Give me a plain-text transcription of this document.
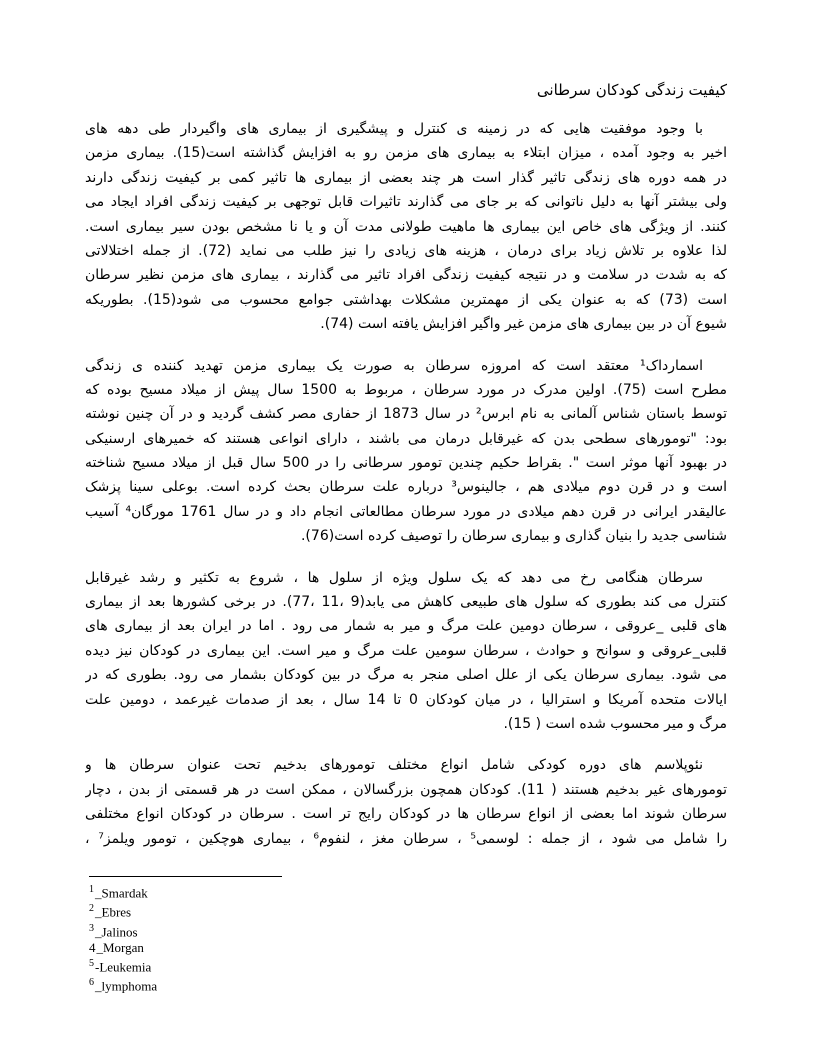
کیفیت زندگی کودکان سرطانی
با وجود موفقیت هایی که در زمینه ی کنترل و پیشگیری از بیماری های واگیردار طی دهه های
اخیر به وجود آمده ، میزان ابتلاء به بیماری های مزمن رو به افزایش گذاشته است(15). بیماری مزمن
در همه دوره های زندگی تاثیر گذار است هر چند بعضی از بیماری ها تاثیر کمی بر کیفیت زندگی دارند
ولی بیشتر آنها به دلیل ناتوانی که بر جای می گذارند تاثیرات قابل توجهی بر کیفیت زندگی افراد ایجاد می
کنند. از ویژگی های خاص این بیماری ها ماهیت طولانی مدت آن و یا نا مشخص بودن سیر بیماری است.
لذا علاوه بر تلاش زیاد برای درمان ، هزینه های زیادی را نیز طلب می نماید (72). از جمله اختلالاتی
که به شدت در سلامت و در نتیجه کیفیت زندگی افراد تاثیر می گذارند ، بیماری های مزمن نظیر سرطان
است (73) که به عنوان یکی از مهمترین مشکلات بهداشتی جوامع محسوب می شود(15). بطوریکه
شیوع آن در بین بیماری های مزمن غیر واگیر افزایش یافته است (74).
اسمارداک¹ معتقد است که امروزه سرطان به صورت یک بیماری مزمن تهدید کننده ی زندگی
مطرح است (75). اولین مدرک در مورد سرطان ، مربوط به 1500 سال پیش از میلاد مسیح بوده که
توسط باستان شناس آلمانی به نام ابرس² در سال 1873 از حفاری مصر کشف گردید و در آن چنین نوشته
بود: "تومورهای سطحی بدن که غیرقابل درمان می باشند ، دارای انواعی هستند که خمیرهای ارسنیکی
در بهبود آنها موثر است ". بقراط حکیم چندین تومور سرطانی را در 500 سال قبل از میلاد مسیح شناخته
است و در قرن دوم میلادی هم ، جالینوس³ درباره علت سرطان بحث کرده است. بوعلی سینا پزشک
عالیقدر ایرانی در قرن دهم میلادی در مورد سرطان مطالعاتی انجام داد و در سال 1761 مورگان⁴ آسیب
شناسی جدید را بنیان گذاری و بیماری سرطان را توصیف کرده است(76).
سرطان هنگامی رخ می دهد که یک سلول ویژه از سلول ها ، شروع به تکثیر و رشد غیرقابل
کنترل می کند بطوری که سلول های طبیعی کاهش می یابد⁦(77، 11، 9)⁩. در برخی کشورها بعد از بیماری
های قلبی _عروقی ، سرطان دومین علت مرگ و میر به شمار می رود . اما در ایران بعد از بیماری های
قلبی_عروقی و سوانح و حوادث ، سرطان سومین علت مرگ و میر است. این بیماری در کودکان نیز دیده
می شود. بیماری سرطان یکی از علل اصلی منجر به مرگ در بین کودکان بشمار می رود. بطوری که در
ایالات متحده آمریکا و استرالیا ، در میان کودکان 0 تا 14 سال ، بعد از صدمات غیرعمد ، دومین علت
مرگ و میر محسوب شده است ( 15).
نئوپلاسم های دوره کودکی شامل انواع مختلف تومورهای بدخیم تحت عنوان سرطان ها و
تومورهای غیر بدخیم هستند ( 11). کودکان همچون بزرگسالان ، ممکن است در هر قسمتی از بدن ، دچار
سرطان شوند اما بعضی از انواع سرطان ها در کودکان رایج تر است . سرطان در کودکان انواع مختلفی
را شامل می شود ، از جمله : لوسمی⁵ ، سرطان مغز ، لنفوم⁶ ، بیماری هوچکین ، تومور ویلمز⁷ ،
$^1$_Smardak
$^2$_Ebres
$^3$_Jalinos
4_Morgan
$^5$-Leukemia
$^6$_lymphoma
